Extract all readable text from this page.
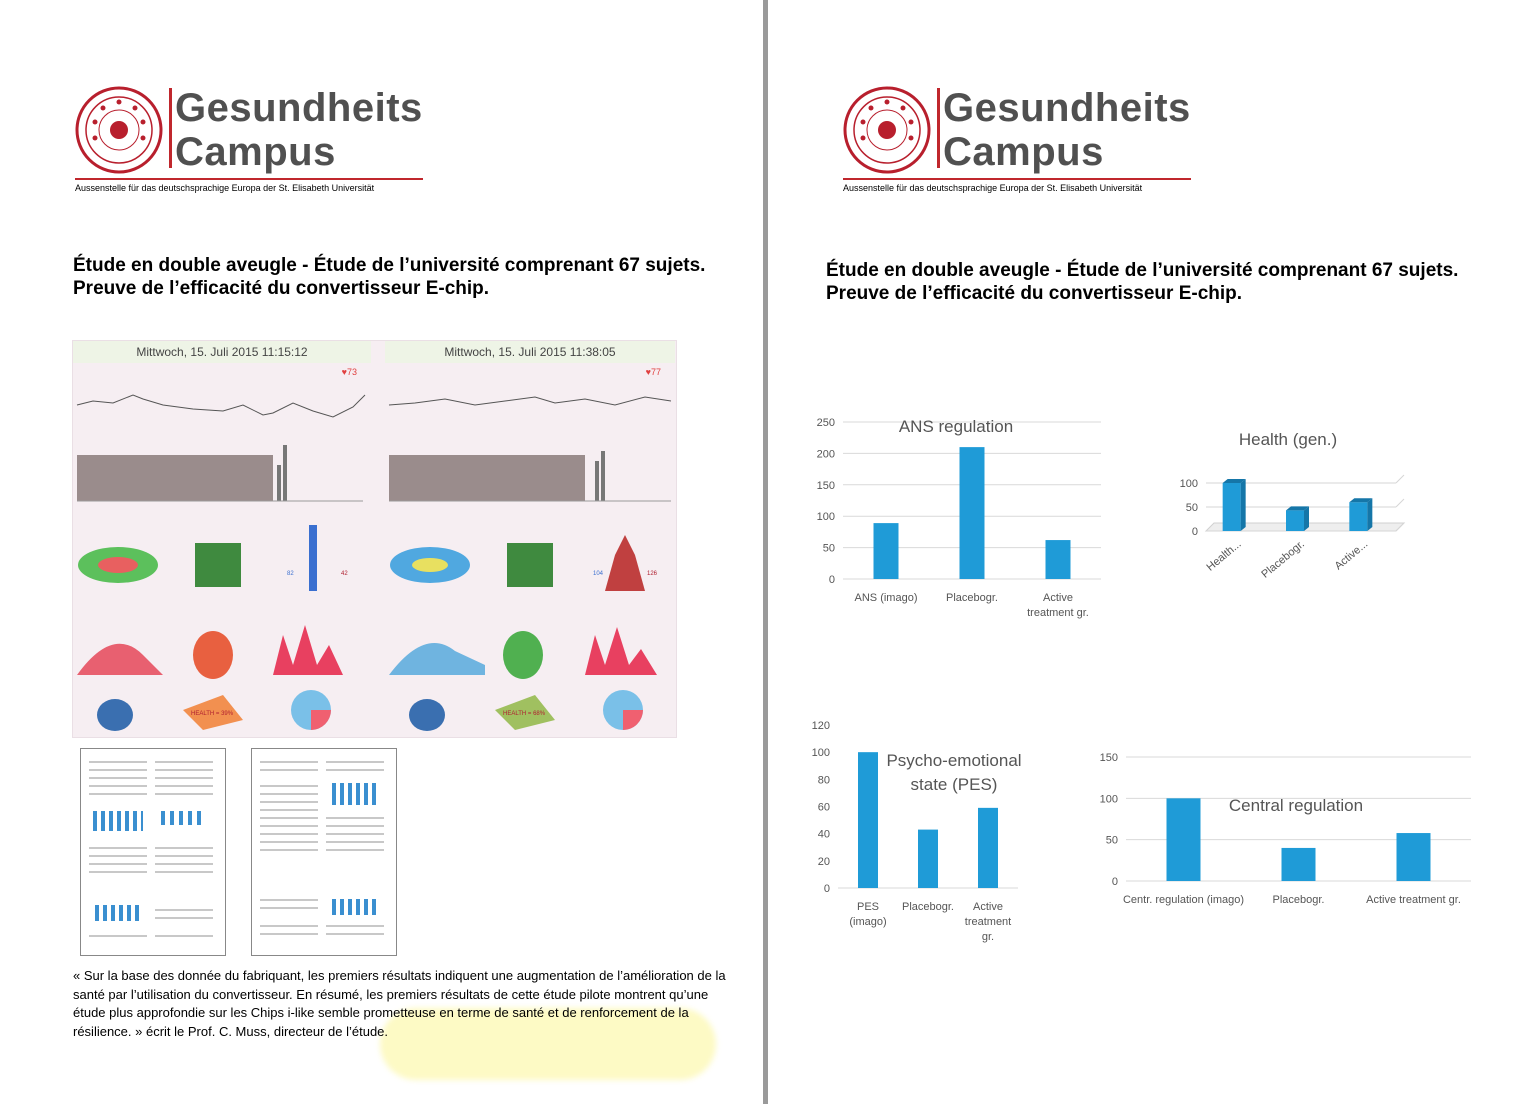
Gesundheits
Campus
Aussenstelle für das deutschsprachige Europa der St. Elisabeth Universität
Étude en double aveugle - Étude de l’université comprenant 67 sujets. Preuve de l’efficacité du convertisseur E-chip.
Mittwoch, 15. Juli 2015 11:15:12
♥73
HEALTH = 39%
82	42
Mittwoch, 15. Juli 2015 11:38:05
♥77
HEALTH = 68%
104	126
« Sur la base des donnée du fabriquant, les premiers résultats indiquent une augmentation de l’amélioration de la santé par l’utilisation du convertisseur. En résumé, les premiers résultats de cette étude pilote montrent qu’une étude plus approfondie sur les Chips i-like semble prometteuse en terme de santé et de renforcement de la résilience. » écrit le Prof. C. Muss, directeur de l’étude.
Gesundheits
Campus
Aussenstelle für das deutschsprachige Europa der St. Elisabeth Universität
Étude en double aveugle - Étude de l’université comprenant 67 sujets. Preuve de l’efficacité du convertisseur E-chip.
0
50
100
150
200
250
ANS (imago)	Placebogr.	Active
treatment gr.
ANS regulation
0
50
100
Health... Placebogr. Active...
Health (gen.)
0
20
40
60
80
100
120
PES
(imago)
Placebogr. Active
treatment
gr.
Psycho-emotional
state (PES)
0
50
100
150
Centr. regulation (imago)	Placebogr.	Active treatment gr.
Central regulation
